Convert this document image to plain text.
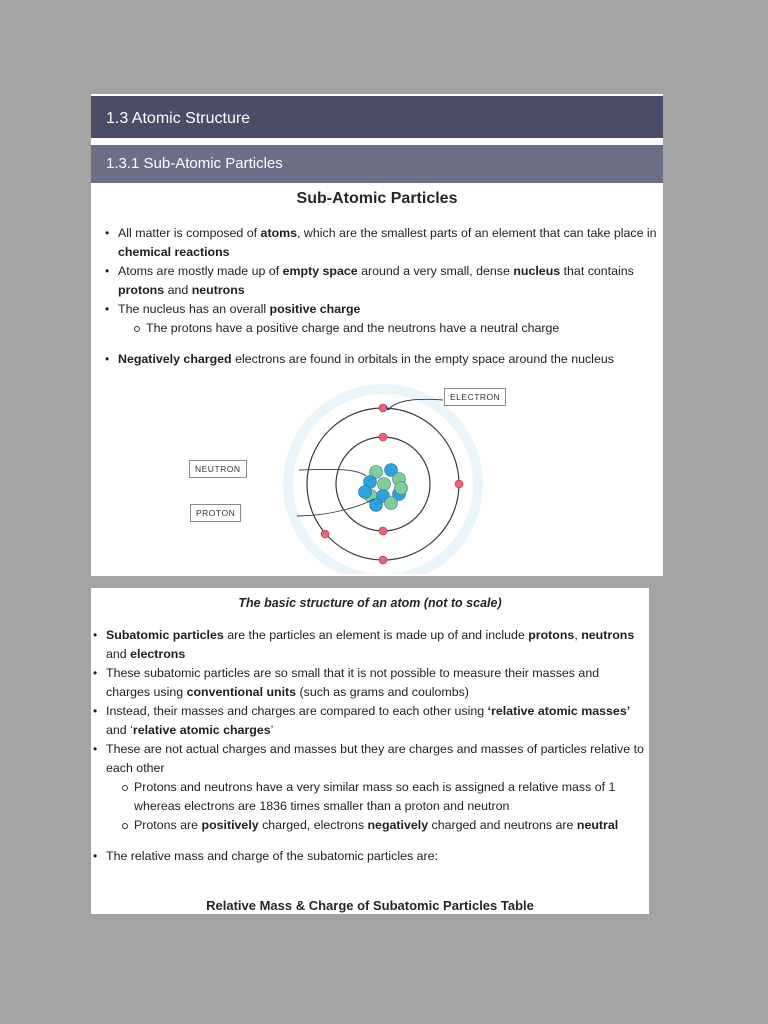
1.3 Atomic Structure
1.3.1 Sub-Atomic Particles
Sub-Atomic Particles
• All matter is composed of atoms, which are the smallest parts of an element that can take place in chemical reactions
• Atoms are mostly made up of empty space around a very small, dense nucleus that contains protons and neutrons
• The nucleus has an overall positive charge
The protons have a positive charge and the neutrons have a neutral charge
• Negatively charged electrons are found in orbitals in the empty space around the nucleus
ELECTRON
NEUTRON
PROTON
The basic structure of an atom (not to scale)
• Subatomic particles are the particles an element is made up of and include protons, neutrons and electrons
• These subatomic particles are so small that it is not possible to measure their masses and charges using conventional units (such as grams and coulombs)
• Instead, their masses and charges are compared to each other using ‘relative atomic masses’ and ‘relative atomic charges’
• These are not actual charges and masses but they are charges and masses of particles relative to each other
Protons and neutrons have a very similar mass so each is assigned a relative mass of 1 whereas electrons are 1836 times smaller than a proton and neutron
Protons are positively charged, electrons negatively charged and neutrons are neutral
• The relative mass and charge of the subatomic particles are:
Relative Mass & Charge of Subatomic Particles Table
